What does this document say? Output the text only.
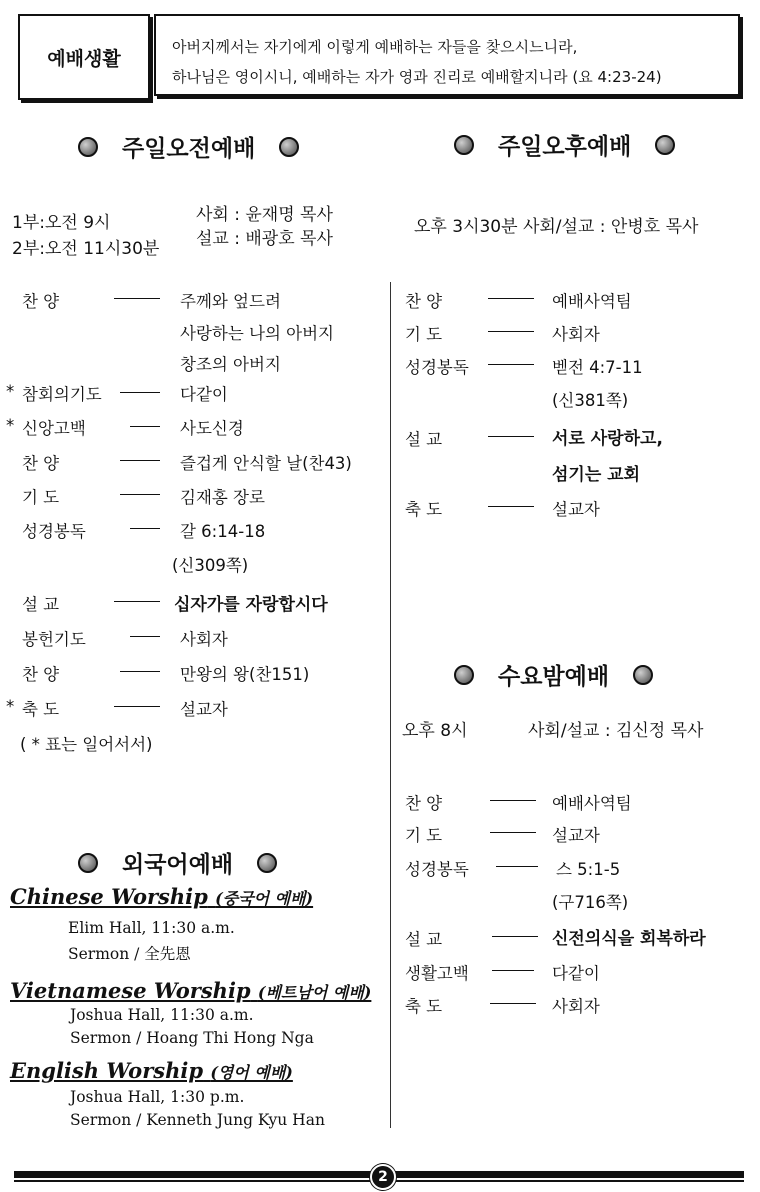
예배생활
아버지께서는 자기에게 이렇게 예배하는 자들을 찾으시느니라,
하나님은 영이시니, 예배하는 자가 영과 진리로 예배할지니라 (요 4:23-24)
주일오전예배	주일오후예배
1부:오전 9시
2부:오전 11시30분
사회 : 윤재명 목사
설교 : 배광호 목사
오후 3시30분 사회/설교 : 안병호 목사
찬 양	주께와 엎드려
사랑하는 나의 아버지
창조의 아버지
* 참회의기도	다같이
* 신앙고백	사도신경
찬 양	즐겁게 안식할 날(찬43)
기 도	김재홍 장로
성경봉독	갈 6:14-18
(신309쪽)
설 교	십자가를 자랑합시다
봉헌기도	사회자
찬 양	만왕의 왕(찬151)
* 축 도	설교자
( * 표는 일어서서)
찬 양	예배사역팀
기 도	사회자
성경봉독	벧전 4:7-11
(신381쪽)
설 교	서로 사랑하고,
섬기는 교회
축 도	설교자
수요밤예배
오후 8시	사회/설교 : 김신정 목사
찬 양	예배사역팀
기 도	설교자
성경봉독	스 5:1-5
(구716쪽)
설 교	신전의식을 회복하라
생활고백	다같이
축 도	사회자
외국어예배
Chinese Worship (중국어 예배)
Elim Hall, 11:30 a.m.
Sermon / 全先恩
Vietnamese Worship (베트남어 예배)
Joshua Hall, 11:30 a.m.
Sermon / Hoang Thi Hong Nga
English Worship (영어 예배)
Joshua Hall, 1:30 p.m.
Sermon / Kenneth Jung Kyu Han
2
